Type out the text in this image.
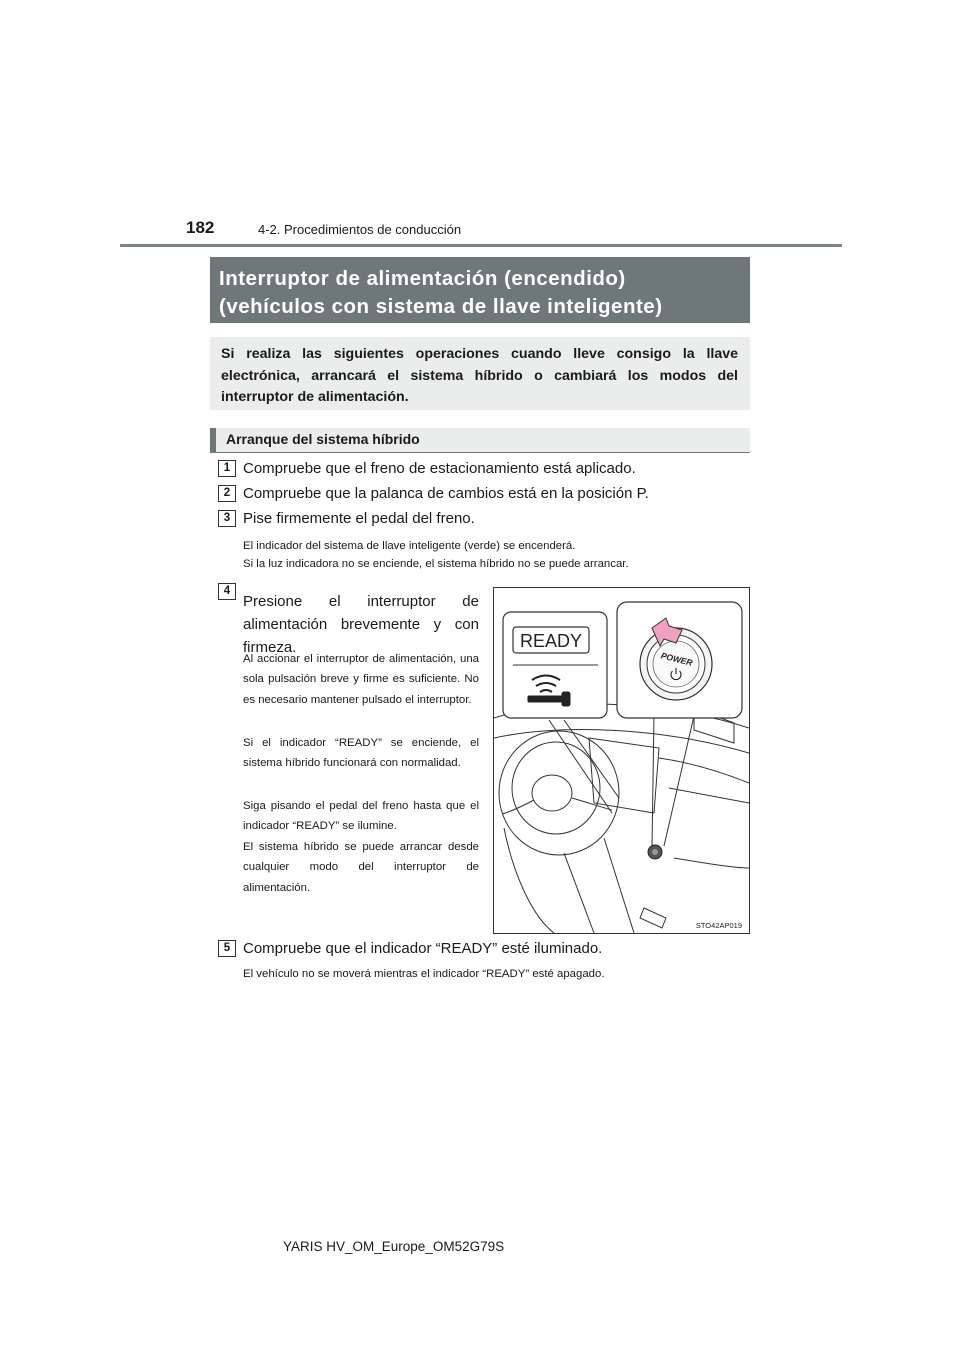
182	4-2. Procedimientos de conducción
Interruptor de alimentación (encendido)
(vehículos con sistema de llave inteligente)
Si realiza las siguientes operaciones cuando lleve consigo la llave electrónica, arrancará el sistema híbrido o cambiará los modos del interruptor de alimentación.
Arranque del sistema híbrido
1 Compruebe que el freno de estacionamiento está aplicado.
2 Compruebe que la palanca de cambios está en la posición P.
3 Pise firmemente el pedal del freno.
El indicador del sistema de llave inteligente (verde) se encenderá.
Si la luz indicadora no se enciende, el sistema híbrido no se puede arrancar.
4
Presione el interruptor de alimentación brevemente y con firmeza.
Al accionar el interruptor de alimentación, una sola pulsación breve y firme es suficiente. No es necesario mantener pulsado el interruptor.
Si el indicador “READY” se enciende, el sistema híbrido funcionará con normalidad.
Siga pisando el pedal del freno hasta que el indicador “READY” se ilumine.
El sistema híbrido se puede arrancar desde cualquier modo del interruptor de alimentación.
READY
POWER
STO42AP019
5 Compruebe que el indicador “READY” esté iluminado.
El vehículo no se moverá mientras el indicador “READY” esté apagado.
YARIS HV_OM_Europe_OM52G79S
